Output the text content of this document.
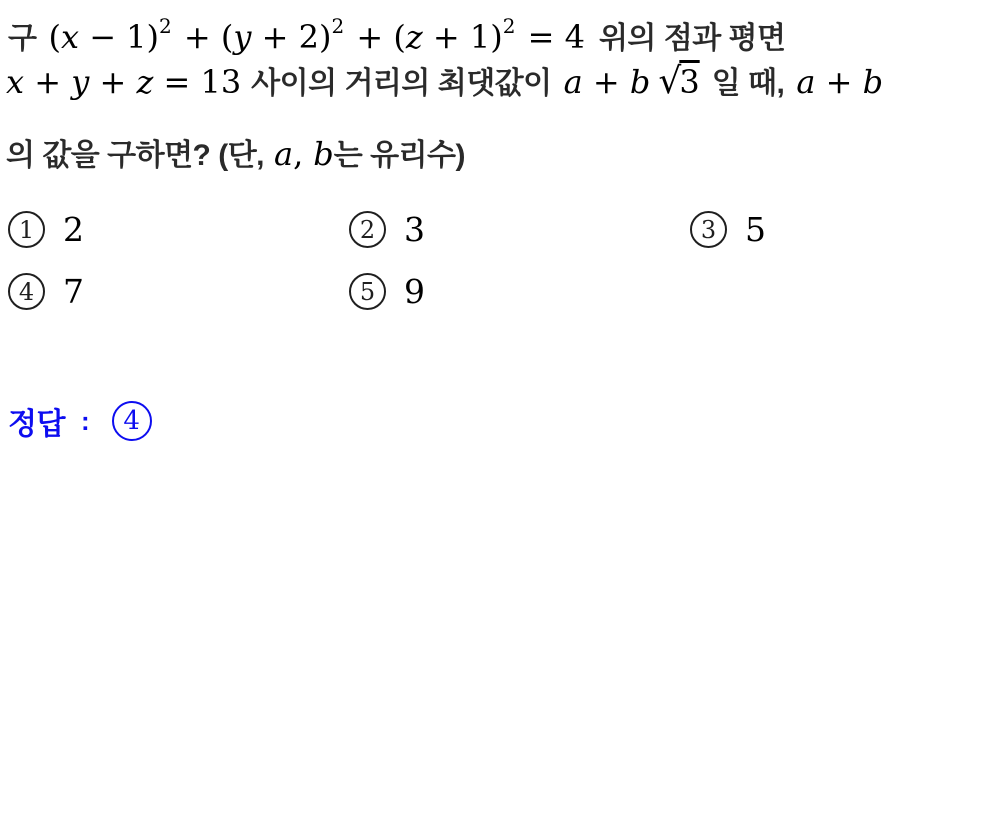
구 (x − 1)2 + (y + 2)2 + (z + 1)2 = 4 위의 점과 평면
x + y + z = 13 사이의 거리의 최댓값이 a + b √3 일 때, a + b
의 값을 구하면? (단, a, b는 유리수)
1 2	2 3	3 5
4 7	5 9
정답 :	4
